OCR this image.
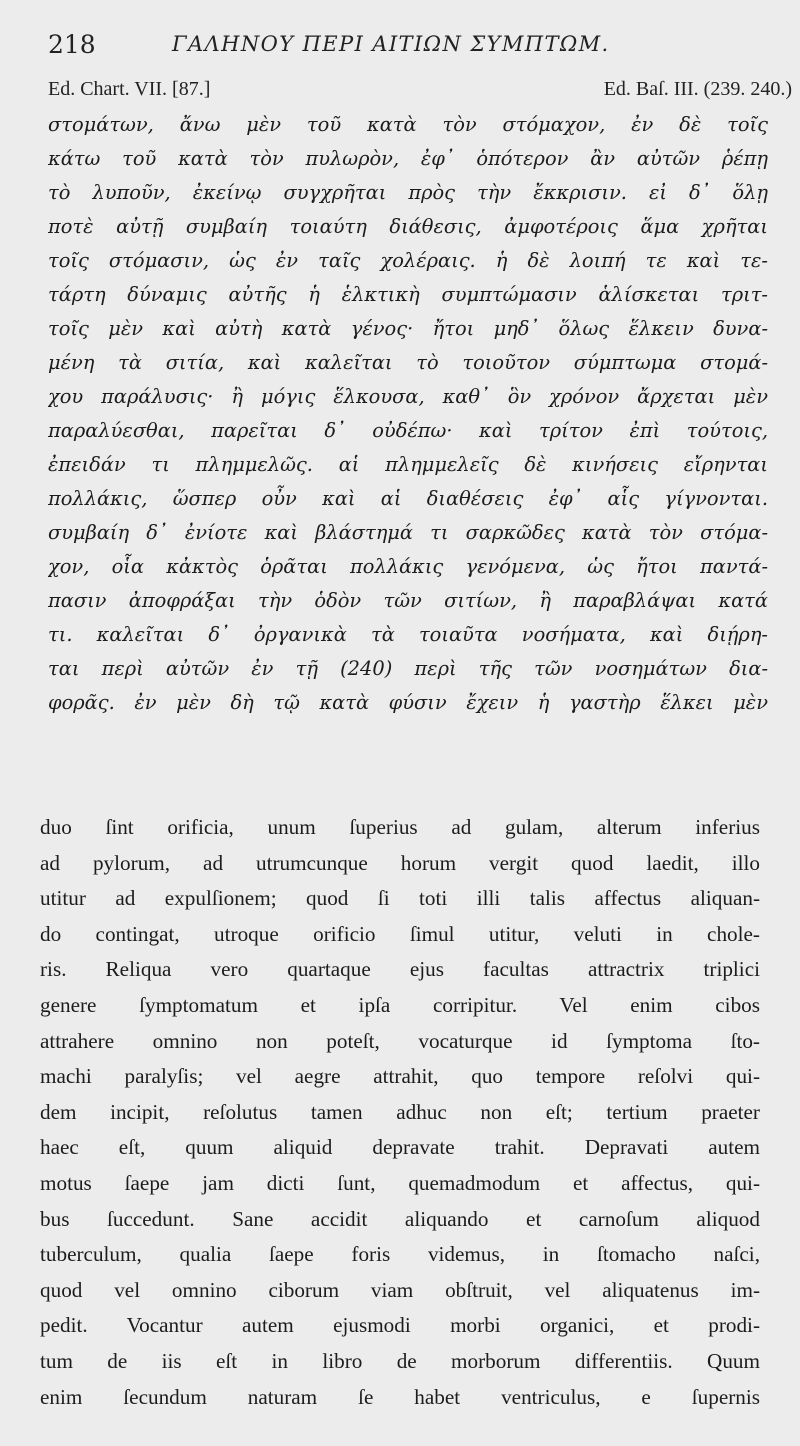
218	ΓΑΛΗΝΟΥ ΠΕΡΙ ΑΙΤΙΩΝ ΣΥΜΠΤΩΜ.
Ed. Chart. VII. [87.]	Ed. Baſ. III. (239. 240.)
στομάτων, ἄνω μὲν τοῦ κατὰ τὸν στόμαχον, ἐν δὲ τοῖς
κάτω τοῦ κατὰ τὸν πυλωρὸν, ἐφ᾽ ὁπότερον ἂν αὐτῶν ῥέπῃ
τὸ λυποῦν, ἐκείνῳ συγχρῆται πρὸς τὴν ἔκκρισιν. εἰ δ᾽ ὅλῃ
ποτὲ αὐτῇ συμβαίη τοιαύτη διάθεσις, ἀμφοτέροις ἅμα χρῆται
τοῖς στόμασιν, ὡς ἐν ταῖς χολέραις. ἡ δὲ λοιπή τε καὶ τε-
τάρτη δύναμις αὐτῆς ἡ ἑλκτικὴ συμπτώμασιν ἁλίσκεται τριτ-
τοῖς μὲν καὶ αὐτὴ κατὰ γένος· ἤτοι μηδ᾽ ὅλως ἕλκειν δυνα-
μένη τὰ σιτία, καὶ καλεῖται τὸ τοιοῦτον σύμπτωμα στομά-
χου παράλυσις· ἢ μόγις ἕλκουσα, καθ᾽ ὃν χρόνον ἄρχεται μὲν
παραλύεσθαι, παρεῖται δ᾽ οὐδέπω· καὶ τρίτον ἐπὶ τούτοις,
ἐπειδάν τι πλημμελῶς. αἱ πλημμελεῖς δὲ κινήσεις εἴρηνται
πολλάκις, ὥσπερ οὖν καὶ αἱ διαθέσεις ἐφ᾽ αἷς γίγνονται.
συμβαίη δ᾽ ἐνίοτε καὶ βλάστημά τι σαρκῶδες κατὰ τὸν στόμα-
χον, οἷα κἀκτὸς ὁρᾶται πολλάκις γενόμενα, ὡς ἤτοι παντά-
πασιν ἀποφράξαι τὴν ὁδὸν τῶν σιτίων, ἢ παραβλάψαι κατά
τι. καλεῖται δ᾽ ὀργανικὰ τὰ τοιαῦτα νοσήματα, καὶ διῄρη-
ται περὶ αὐτῶν ἐν τῇ (240) περὶ τῆς τῶν νοσημάτων δια-
φορᾶς. ἐν μὲν δὴ τῷ κατὰ φύσιν ἔχειν ἡ γαστὴρ ἕλκει μὲν
duo ſint orificia, unum ſuperius ad gulam, alterum inferius
ad pylorum, ad utrumcunque horum vergit quod laedit, illo
utitur ad expulſionem; quod ſi toti illi talis affectus aliquan-
do contingat, utroque orificio ſimul utitur, veluti in chole-
ris. Reliqua vero quartaque ejus facultas attractrix triplici
genere ſymptomatum et ipſa corripitur. Vel enim cibos
attrahere omnino non poteſt, vocaturque id ſymptoma ſto-
machi paralyſis; vel aegre attrahit, quo tempore reſolvi qui-
dem incipit, reſolutus tamen adhuc non eſt; tertium praeter
haec eſt, quum aliquid depravate trahit. Depravati autem
motus ſaepe jam dicti ſunt, quemadmodum et affectus, qui-
bus ſuccedunt. Sane accidit aliquando et carnoſum aliquod
tuberculum, qualia ſaepe foris videmus, in ſtomacho naſci,
quod vel omnino ciborum viam obſtruit, vel aliquatenus im-
pedit. Vocantur autem ejusmodi morbi organici, et prodi-
tum de iis eſt in libro de morborum differentiis. Quum
enim ſecundum naturam ſe habet ventriculus, e ſupernis
